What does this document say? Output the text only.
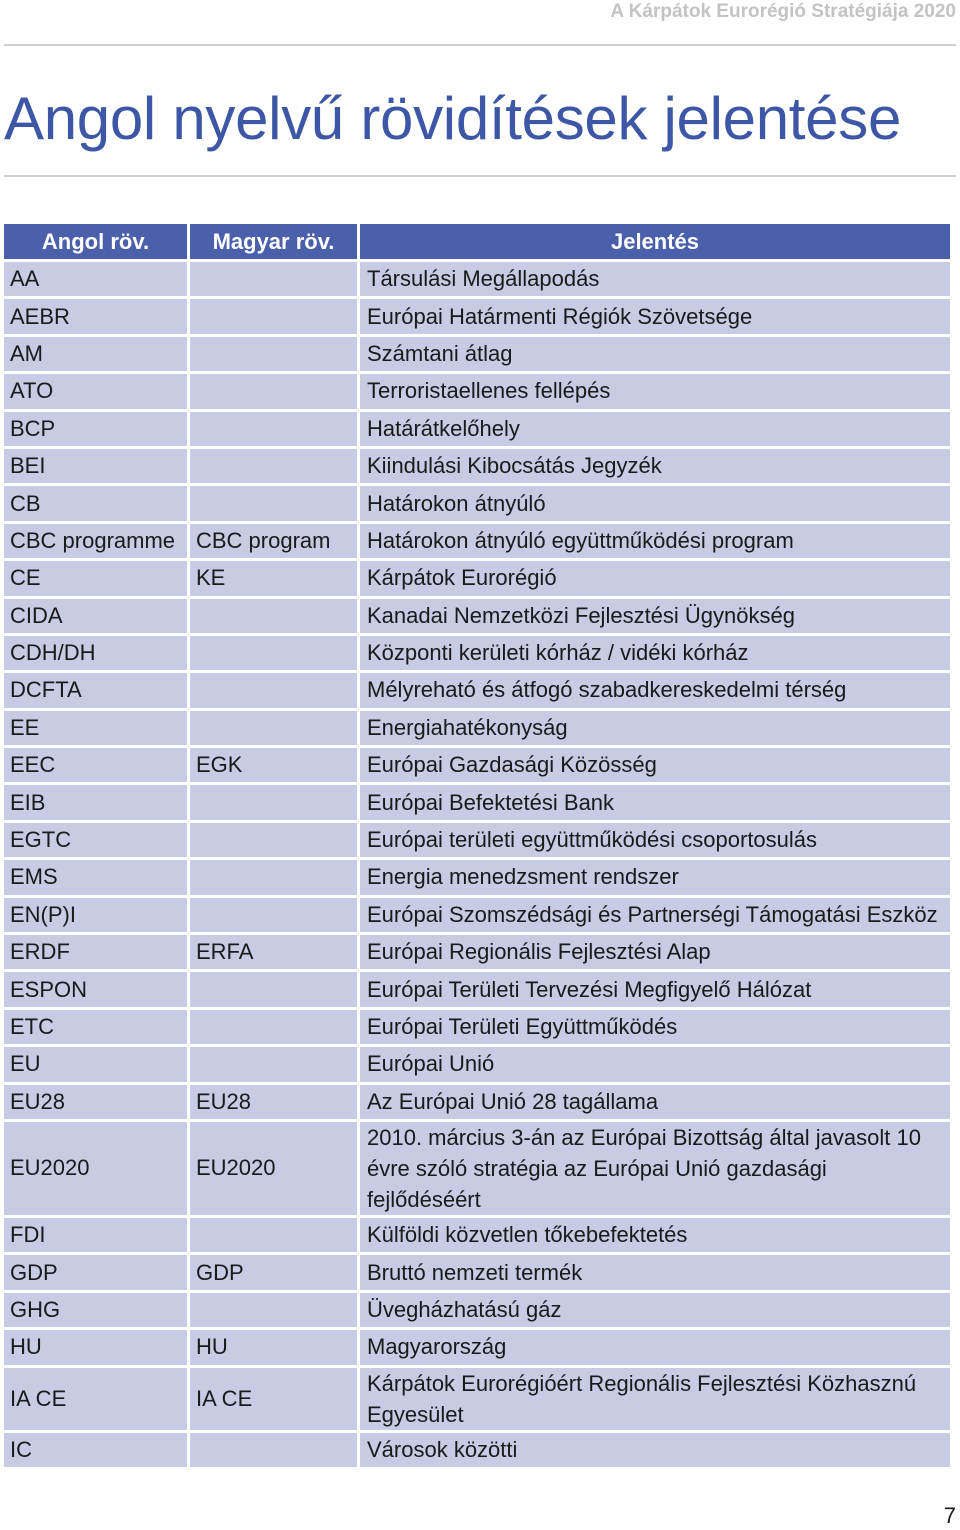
A Kárpátok Eurorégió Stratégiája 2020
Angol nyelvű rövidítések jelentése
Angol röv.	Magyar röv.	Jelentés
AA		Társulási Megállapodás
AEBR		Európai Határmenti Régiók Szövetsége
AM		Számtani átlag
ATO		Terroristaellenes fellépés
BCP		Határátkelőhely
BEI		Kiindulási Kibocsátás Jegyzék
CB		Határokon átnyúló
CBC programme	CBC program	Határokon átnyúló együttműködési program
CE	KE	Kárpátok Eurorégió
CIDA		Kanadai Nemzetközi Fejlesztési Ügynökség
CDH/DH		Központi kerületi kórház / vidéki kórház
DCFTA		Mélyreható és átfogó szabadkereskedelmi térség
EE		Energiahatékonyság
EEC	EGK	Európai Gazdasági Közösség
EIB		Európai Befektetési Bank
EGTC		Európai területi együttműködési csoportosulás
EMS		Energia menedzsment rendszer
EN(P)I		Európai Szomszédsági és Partnerségi Támogatási Eszköz
ERDF	ERFA	Európai Regionális Fejlesztési Alap
ESPON		Európai Területi Tervezési Megfigyelő Hálózat
ETC		Európai Területi Együttműködés
EU		Európai Unió
EU28	EU28	Az Európai Unió 28 tagállama
EU2020	EU2020	2010. március 3-án az Európai Bizottság által javasolt 10 évre szóló stratégia az Európai Unió gazdasági fejlődéséért
FDI		Külföldi közvetlen tőkebefektetés
GDP	GDP	Bruttó nemzeti termék
GHG		Üvegházhatású gáz
HU	HU	Magyarország
IA CE	IA CE	Kárpátok Eurorégióért Regionális Fejlesztési Közhasznú Egyesület
IC		Városok közötti
7
